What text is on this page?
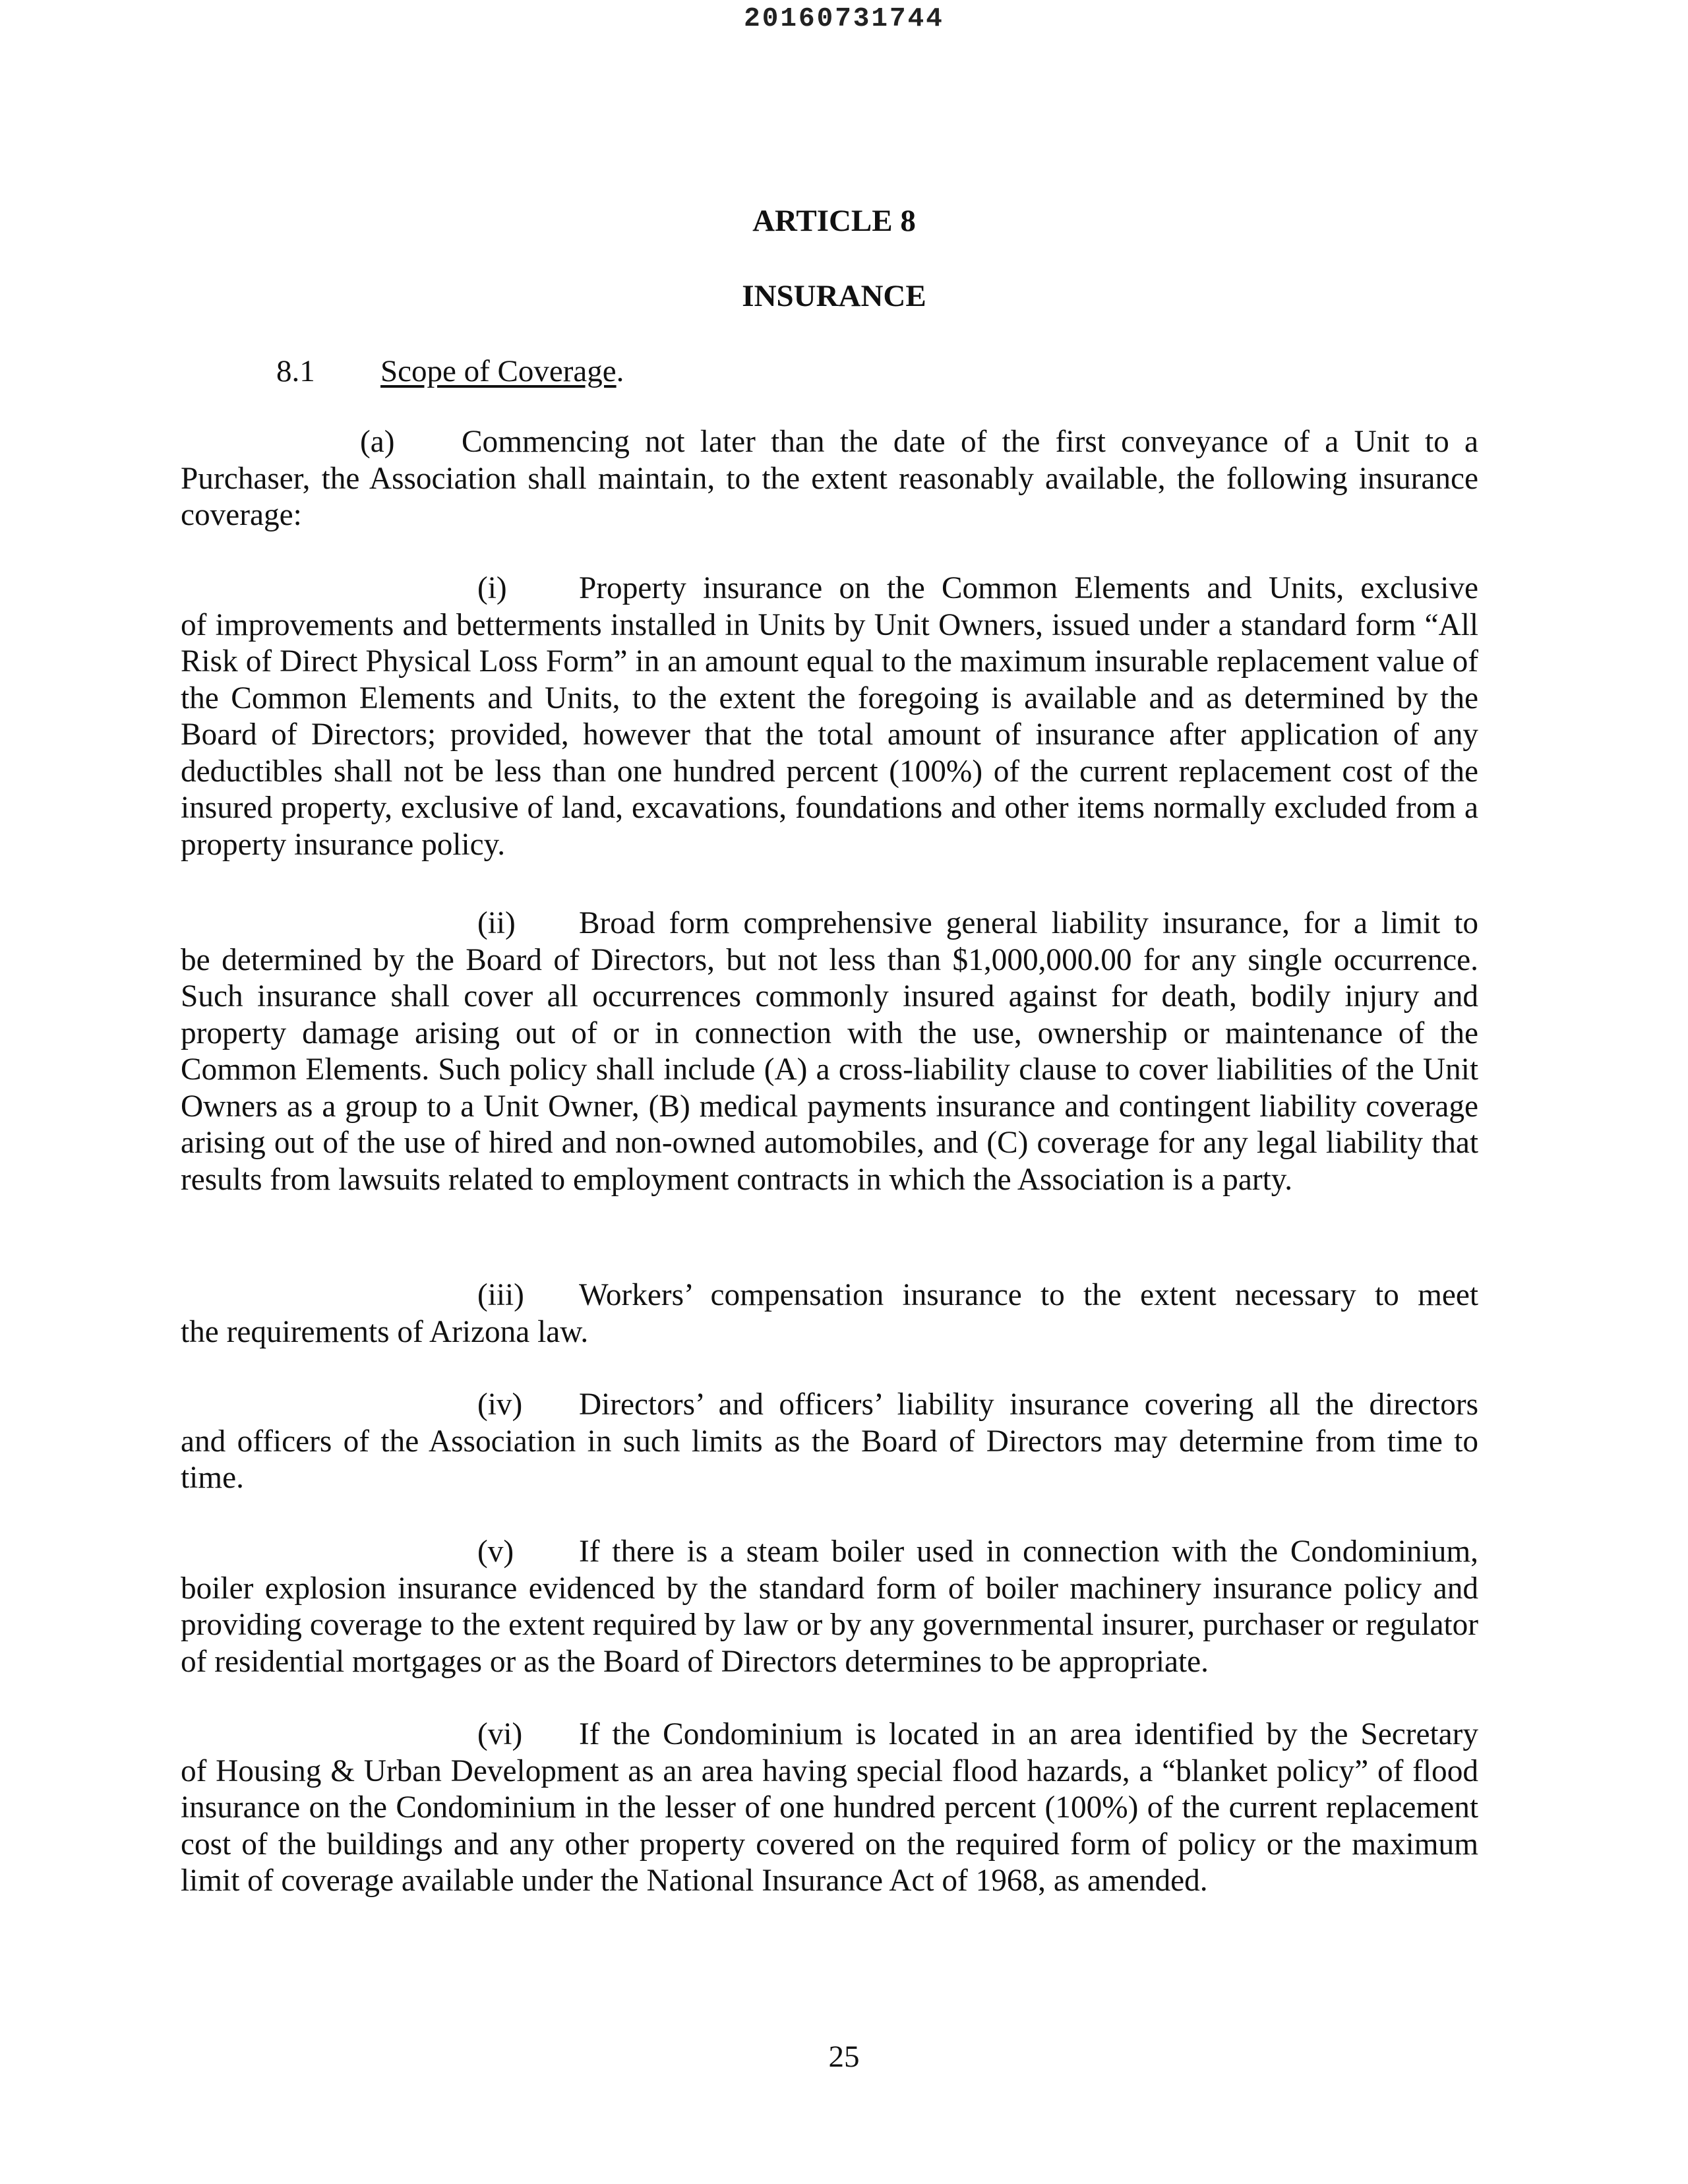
20160731744
ARTICLE 8
INSURANCE
8.1 Scope of Coverage.

(a) Commencing not later than the date of the first conveyance of a Unit to a
Purchaser, the Association shall maintain, to the extent reasonably available, the following insurance coverage:

(i) Property insurance on the Common Elements and Units, exclusive
of improvements and betterments installed in Units by Unit Owners, issued under a standard form “All Risk of Direct Physical Loss Form” in an amount equal to the maximum insurable replacement value of the Common Elements and Units, to the extent the foregoing is available and as determined by the Board of Directors; provided, however that the total amount of insurance after application of any deductibles shall not be less than one hundred percent (100%) of the current replacement cost of the insured property, exclusive of land, excavations, foundations and other items normally excluded from a property insurance policy.

(ii) Broad form comprehensive general liability insurance, for a limit to
be determined by the Board of Directors, but not less than $1,000,000.00 for any single occurrence. Such insurance shall cover all occurrences commonly insured against for death, bodily injury and property damage arising out of or in connection with the use, ownership or maintenance of the Common Elements. Such policy shall include (A) a cross-liability clause to cover liabilities of the Unit Owners as a group to a Unit Owner, (B) medical payments insurance and contingent liability coverage arising out of the use of hired and non-owned automobiles, and (C) coverage for any legal liability that results from lawsuits related to employment contracts in which the Association is a party.

(iii) Workers’ compensation insurance to the extent necessary to meet
the requirements of Arizona law.

(iv) Directors’ and officers’ liability insurance covering all the directors
and officers of the Association in such limits as the Board of Directors may determine from time to time.

(v) If there is a steam boiler used in connection with the Condominium,
boiler explosion insurance evidenced by the standard form of boiler machinery insurance policy and providing coverage to the extent required by law or by any governmental insurer, purchaser or regulator of residential mortgages or as the Board of Directors determines to be appropriate.

(vi) If the Condominium is located in an area identified by the Secretary
of Housing & Urban Development as an area having special flood hazards, a “blanket policy” of flood insurance on the Condominium in the lesser of one hundred percent (100%) of the current replacement cost of the buildings and any other property covered on the required form of policy or the maximum limit of coverage available under the National Insurance Act of 1968, as amended.

25
